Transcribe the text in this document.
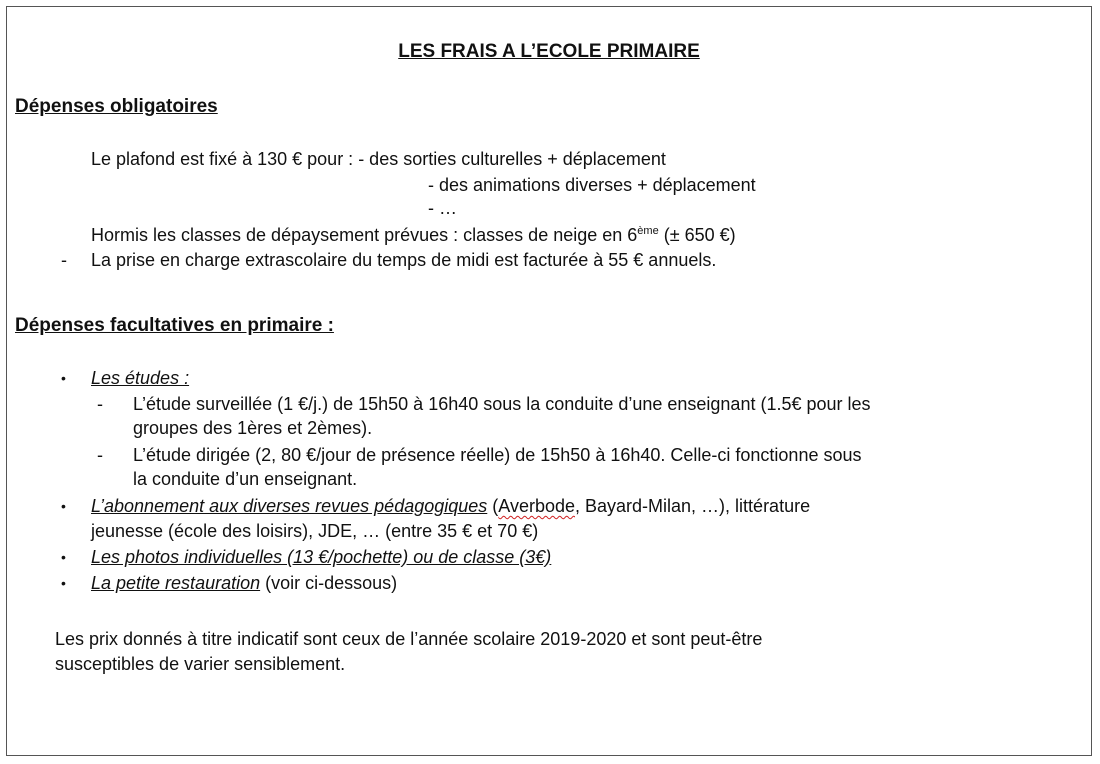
LES FRAIS A L’ECOLE PRIMAIRE
Dépenses obligatoires
Le plafond est fixé à 130 € pour : - des sorties culturelles + déplacement
- des animations diverses + déplacement
- …
Hormis les classes de dépaysement prévues : classes de neige en 6ème (± 650 €)
- La prise en charge extrascolaire du temps de midi est facturée à 55 € annuels.
Dépenses facultatives en primaire :
• Les études :
- L’étude surveillée (1 €/j.) de 15h50 à 16h40 sous la conduite d’une enseignant (1.5€ pour les
groupes des 1ères et 2èmes).
- L’étude dirigée (2, 80 €/jour de présence réelle) de 15h50 à 16h40. Celle-ci fonctionne sous
la conduite d’un enseignant.
• L’abonnement aux diverses revues pédagogiques (Averbode, Bayard-Milan, …), littérature
jeunesse (école des loisirs), JDE, … (entre 35 € et 70 €)
• Les photos individuelles (13 €/pochette) ou de classe (3€)
• La petite restauration (voir ci-dessous)
Les prix donnés à titre indicatif sont ceux de l’année scolaire 2019-2020 et sont peut-être
susceptibles de varier sensiblement.
